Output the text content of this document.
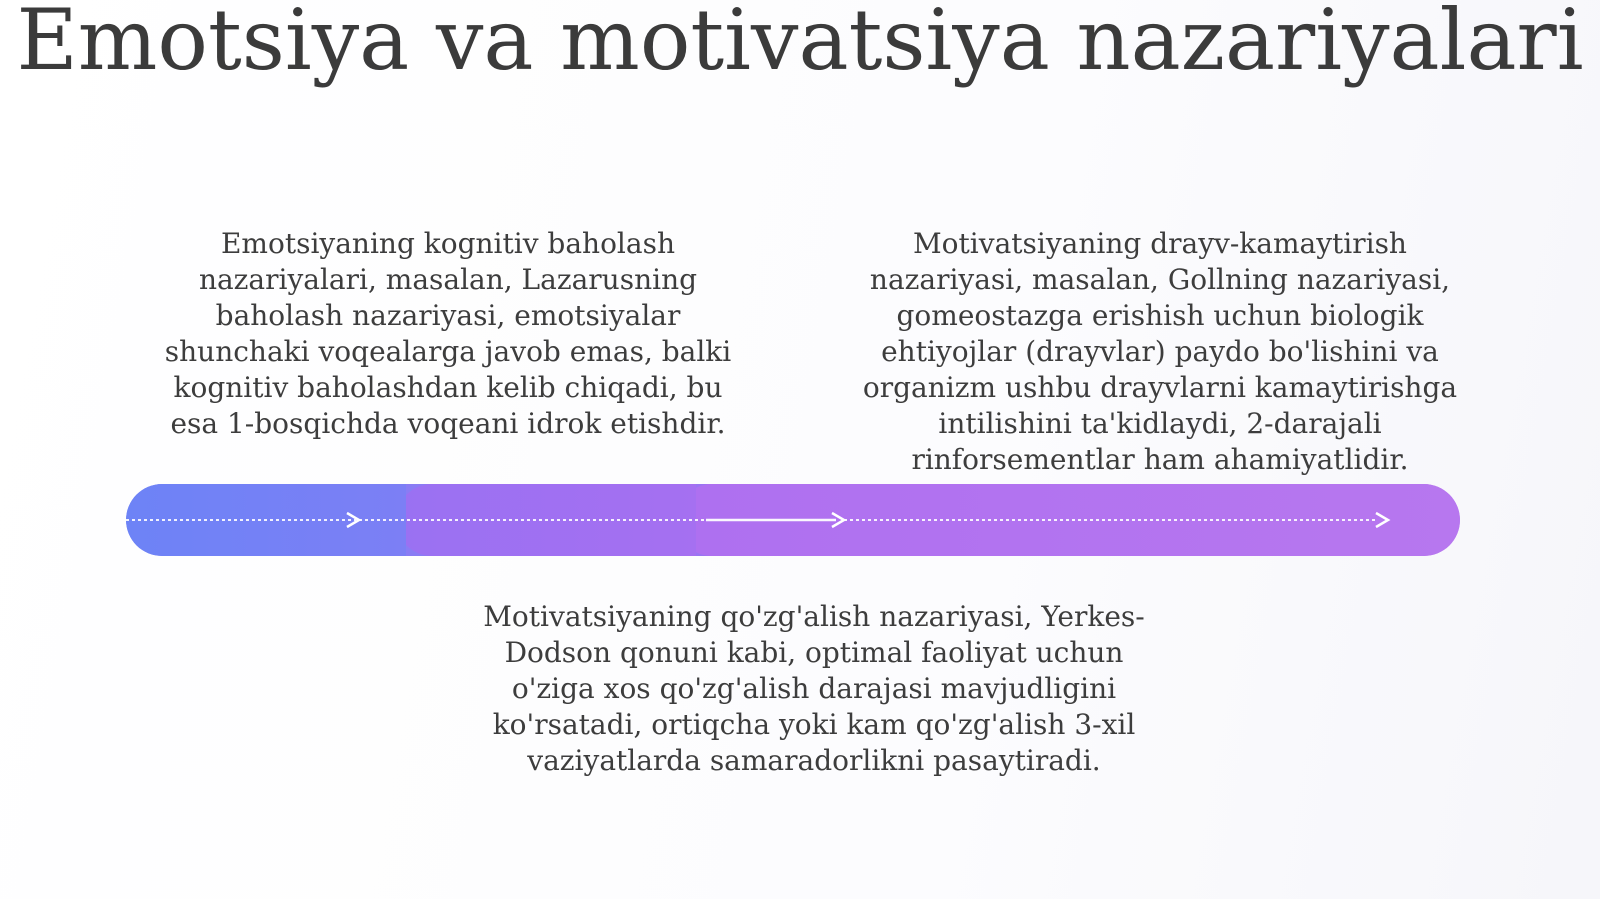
Emotsiya va motivatsiya nazariyalari

Emotsiyaning kognitiv baholash nazariyalari, masalan, Lazarusning baholash nazariyasi, emotsiyalar shunchaki voqealarga javob emas, balki kognitiv baholashdan kelib chiqadi, bu esa 1-bosqichda voqeani idrok etishdir.

Motivatsiyaning drayv-kamaytirish nazariyasi, masalan, Gollning nazariyasi, gomeostazga erishish uchun biologik ehtiyojlar (drayvlar) paydo bo'lishini va organizm ushbu drayvlarni kamaytirishga intilishini ta'kidlaydi, 2-darajali rinforsementlar ham ahamiyatlidir.

Motivatsiyaning qo'zg'alish nazariyasi, Yerkes-Dodson qonuni kabi, optimal faoliyat uchun o'ziga xos qo'zg'alish darajasi mavjudligini ko'rsatadi, ortiqcha yoki kam qo'zg'alish 3-xil vaziyatlarda samaradorlikni pasaytiradi.
